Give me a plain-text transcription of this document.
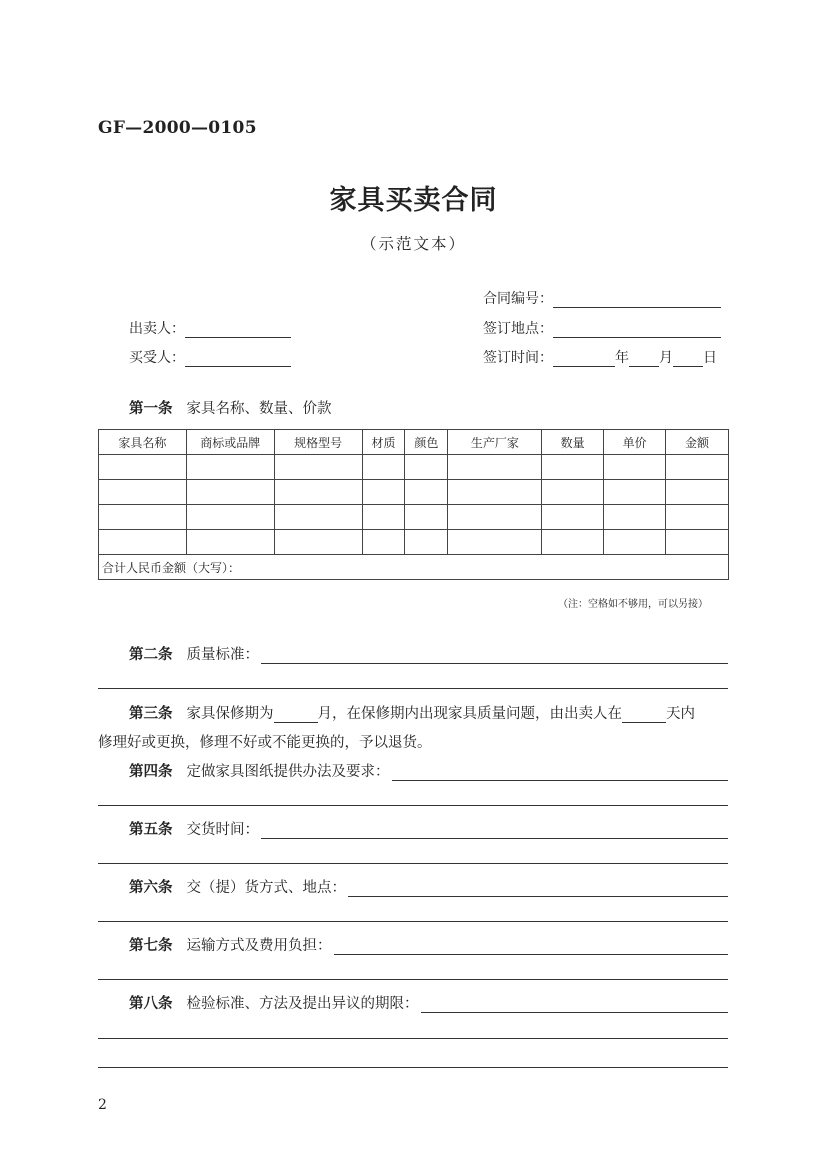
GF—2000—0105
家具买卖合同
（示范文本）
合同编号：
出卖人：	签订地点：
买受人：	签订时间：	年 月 日
第一条 家具名称、数量、价款
家具名称	商标或品牌	规格型号	材质	颜色	生产厂家	数量	单价	金额

合计人民币金额（大写）：								
（注：空格如不够用，可以另接）
第二条 质量标准：
第三条 家具保修期为	月，在保修期内出现家具质量问题，由出卖人在	天内
修理好或更换，修理不好或不能更换的，予以退货。
第四条 定做家具图纸提供办法及要求：
第五条 交货时间：
第六条 交（提）货方式、地点：
第七条 运输方式及费用负担：
第八条 检验标准、方法及提出异议的期限：
2
